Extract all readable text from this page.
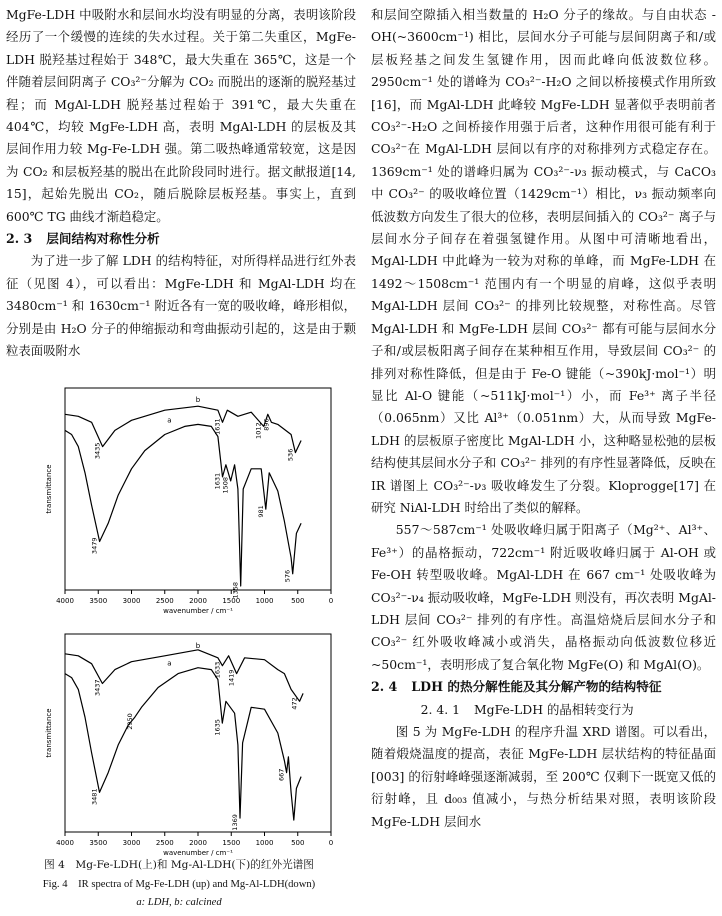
MgFe-LDH 中吸附水和层间水均没有明显的分离，表明该阶段经历了一个缓慢的连续的失水过程。关于第二失重区，MgFe-LDH 脱羟基过程始于 348℃，最大失重在 365℃，这是一个伴随着层间阴离子 CO₃²⁻分解为 CO₂ 而脱出的逐渐的脱羟基过程；而 MgAl-LDH 脱羟基过程始于 391℃，最大失重在 404℃，均较 MgFe-LDH 高，表明 MgAl-LDH 的层板及其层间作用力较 Mg-Fe-LDH 强。第二吸热峰通常较宽，这是因为 CO₂ 和层板羟基的脱出在此阶段同时进行。据文献报道[14, 15]，起始先脱出 CO₂，随后脱除层板羟基。事实上，直到 600℃ TG 曲线才渐趋稳定。

2. 3 层间结构对称性分析

为了进一步了解 LDH 的结构特征，对所得样品进行红外表征（见图 4），可以看出：MgFe-LDH 和 MgAl-LDH 均在 3480cm⁻¹ 和 1630cm⁻¹ 附近各有一宽的吸收峰，峰形相似，分别是由 H₂O 分子的伸缩振动和弯曲振动引起的，这是由于颗粒表面吸附水

4000 3500 3000 2500 2000 1500 1000	500	0
wavenumber / cm⁻¹
transmittance
b
3435
1631	1012 896
536
a
3479
1631 1508
1358
981
576
4000 3500 3000 2500 2000 1500 1000	500	0
wavenumber / cm⁻¹
transmittance
b
3437
1633 1419
472
a
3481
2950	1635
1369
667
图 4　Mg-Fe-LDH(上)和 Mg-Al-LDH(下)的红外光谱图
Fig. 4　IR spectra of Mg-Fe-LDH (up) and Mg-Al-LDH(down)
a: LDH, b: calcined

和层间空隙插入相当数量的 H₂O 分子的缘故。与自由状态 -OH(~3600cm⁻¹) 相比，层间水分子可能与层间阴离子和/或层板羟基之间发生氢键作用，因而此峰向低波数位移。2950cm⁻¹ 处的谱峰为 CO₃²⁻-H₂O 之间以桥接模式作用所致[16]，而 MgAl-LDH 此峰较 MgFe-LDH 显著似乎表明前者 CO₃²⁻-H₂O 之间桥接作用强于后者，这种作用很可能有利于 CO₃²⁻在 MgAl-LDH 层间以有序的对称排列方式稳定存在。1369cm⁻¹ 处的谱峰归属为 CO₃²⁻-ν₃ 振动模式，与 CaCO₃ 中 CO₃²⁻ 的吸收峰位置（1429cm⁻¹）相比，ν₃ 振动频率向低波数方向发生了很大的位移，表明层间插入的 CO₃²⁻ 离子与层间水分子间存在着强氢键作用。从图中可清晰地看出，MgAl-LDH 中此峰为一较为对称的单峰，而 MgFe-LDH 在 1492～1508cm⁻¹ 范围内有一个明显的肩峰，这似乎表明 MgAl-LDH 层间 CO₃²⁻ 的排列比较规整，对称性高。尽管 MgAl-LDH 和 MgFe-LDH 层间 CO₃²⁻ 都有可能与层间水分子和/或层板阳离子间存在某种相互作用，导致层间 CO₃²⁻ 的排列对称性降低，但是由于 Fe-O 键能（~390kJ·mol⁻¹）明显比 Al-O 键能（~511kJ·mol⁻¹）小，而 Fe³⁺ 离子半径（0.065nm）又比 Al³⁺（0.051nm）大，从而导致 MgFe-LDH 的层板原子密度比 MgAl-LDH 小，这种略显松弛的层板结构使其层间水分子和 CO₃²⁻ 排列的有序性显著降低，反映在 IR 谱图上 CO₃²⁻-ν₃ 吸收峰发生了分裂。Kloprogge[17] 在研究 NiAl-LDH 时给出了类似的解释。

557～587cm⁻¹ 处吸收峰归属于阳离子（Mg²⁺、Al³⁺、Fe³⁺）的晶格振动，722cm⁻¹ 附近吸收峰归属于 Al-OH 或 Fe-OH 转型吸收峰。MgAl-LDH 在 667 cm⁻¹ 处吸收峰为 CO₃²⁻-ν₄ 振动吸收峰，MgFe-LDH 则没有，再次表明 MgAl-LDH 层间 CO₃²⁻ 排列的有序性。高温焙烧后层间水分子和 CO₃²⁻ 红外吸收峰减小或消失，晶格振动向低波数位移近 ~50cm⁻¹，表明形成了复合氧化物 MgFe(O) 和 MgAl(O)。

2. 4 LDH 的热分解性能及其分解产物的结构特征
2. 4. 1 MgFe-LDH 的晶相转变行为

图 5 为 MgFe-LDH 的程序升温 XRD 谱图。可以看出，随着煅烧温度的提高，表征 MgFe-LDH 层状结构的特征晶面 [003] 的衍射峰峰强逐渐减弱，至 200℃ 仅剩下一既宽又低的衍射峰，且 d₀₀₃ 值减小，与热分析结果对照，表明该阶段 MgFe-LDH 层间水
